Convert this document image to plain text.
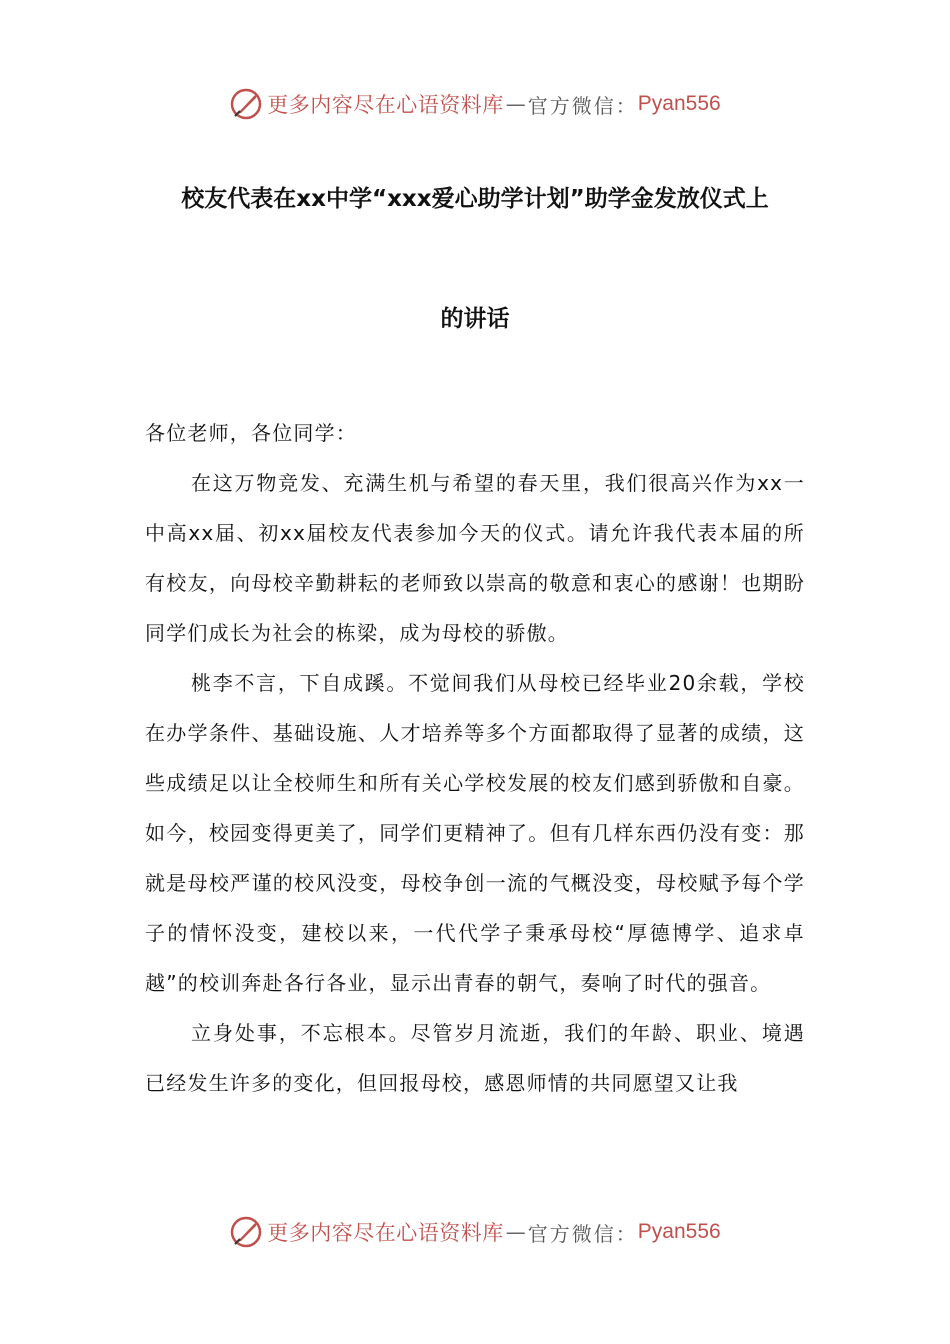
更多内容尽在心语资料库 — 官方微信： Pyan556
校友代表在xx中学“xxx爱心助学计划”助学金发放仪式上
的讲话

各位老师，各位同学：

在这万物竞发、充满生机与希望的春天里，我们很高兴作为xx一中高xx届、初xx届校友代表参加今天的仪式。请允许我代表本届的所有校友，向母校辛勤耕耘的老师致以崇高的敬意和衷心的感谢！也期盼同学们成长为社会的栋梁，成为母校的骄傲。

桃李不言，下自成蹊。不觉间我们从母校已经毕业20余载，学校在办学条件、基础设施、人才培养等多个方面都取得了显著的成绩，这些成绩足以让全校师生和所有关心学校发展的校友们感到骄傲和自豪。如今，校园变得更美了，同学们更精神了。但有几样东西仍没有变：那就是母校严谨的校风没变，母校争创一流的气概没变，母校赋予每个学子的情怀没变，建校以来，一代代学子秉承母校“厚德博学、追求卓越”的校训奔赴各行各业，显示出青春的朝气，奏响了时代的强音。

立身处事，不忘根本。尽管岁月流逝，我们的年龄、职业、境遇已经发生许多的变化，但回报母校，感恩师情的共同愿望又让我

更多内容尽在心语资料库 — 官方微信： Pyan556
